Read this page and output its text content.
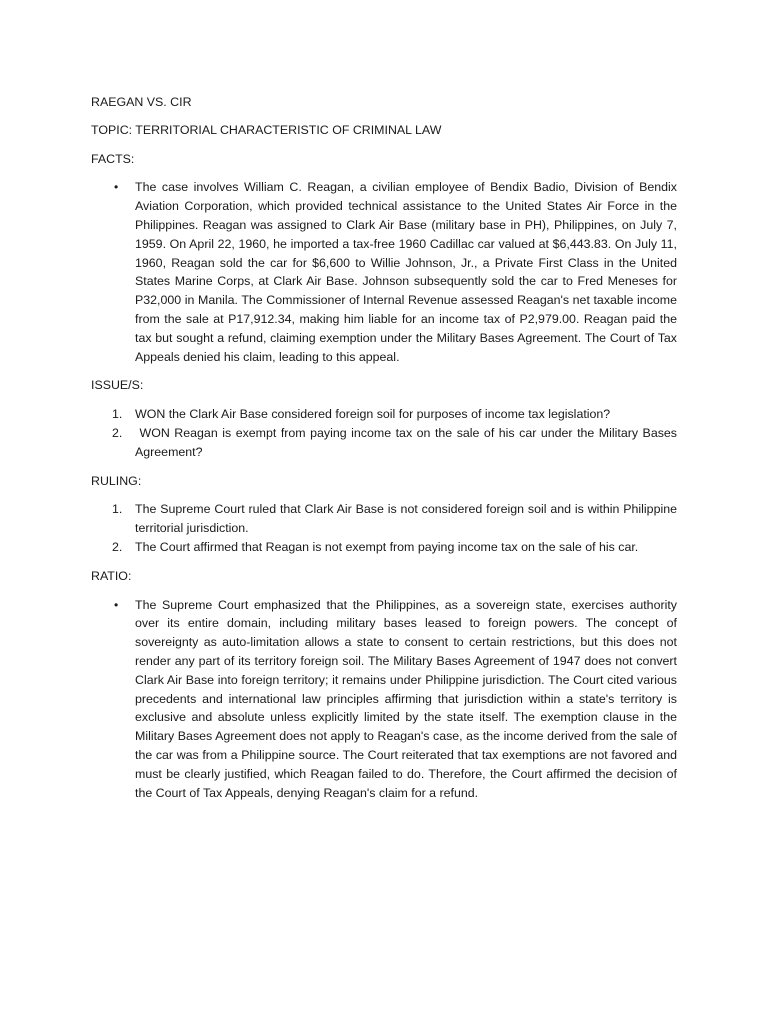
RAEGAN VS. CIR
TOPIC: TERRITORIAL CHARACTERISTIC OF CRIMINAL LAW
FACTS:
• The case involves William C. Reagan, a civilian employee of Bendix Badio, Division of Bendix Aviation Corporation, which provided technical assistance to the United States Air Force in the Philippines. Reagan was assigned to Clark Air Base (military base in PH), Philippines, on July 7, 1959. On April 22, 1960, he imported a tax-free 1960 Cadillac car valued at $6,443.83. On July 11, 1960, Reagan sold the car for $6,600 to Willie Johnson, Jr., a Private First Class in the United States Marine Corps, at Clark Air Base. Johnson subsequently sold the car to Fred Meneses for P32,000 in Manila. The Commissioner of Internal Revenue assessed Reagan's net taxable income from the sale at P17,912.34, making him liable for an income tax of P2,979.00. Reagan paid the tax but sought a refund, claiming exemption under the Military Bases Agreement. The Court of Tax Appeals denied his claim, leading to this appeal.
ISSUE/S:
1. WON the Clark Air Base considered foreign soil for purposes of income tax legislation?
2. WON Reagan is exempt from paying income tax on the sale of his car under the Military Bases Agreement?
RULING:
1. The Supreme Court ruled that Clark Air Base is not considered foreign soil and is within Philippine territorial jurisdiction.
2. The Court affirmed that Reagan is not exempt from paying income tax on the sale of his car.
RATIO:
• The Supreme Court emphasized that the Philippines, as a sovereign state, exercises authority over its entire domain, including military bases leased to foreign powers. The concept of sovereignty as auto-limitation allows a state to consent to certain restrictions, but this does not render any part of its territory foreign soil. The Military Bases Agreement of 1947 does not convert Clark Air Base into foreign territory; it remains under Philippine jurisdiction. The Court cited various precedents and international law principles affirming that jurisdiction within a state's territory is exclusive and absolute unless explicitly limited by the state itself. The exemption clause in the Military Bases Agreement does not apply to Reagan's case, as the income derived from the sale of the car was from a Philippine source. The Court reiterated that tax exemptions are not favored and must be clearly justified, which Reagan failed to do. Therefore, the Court affirmed the decision of the Court of Tax Appeals, denying Reagan's claim for a refund.
